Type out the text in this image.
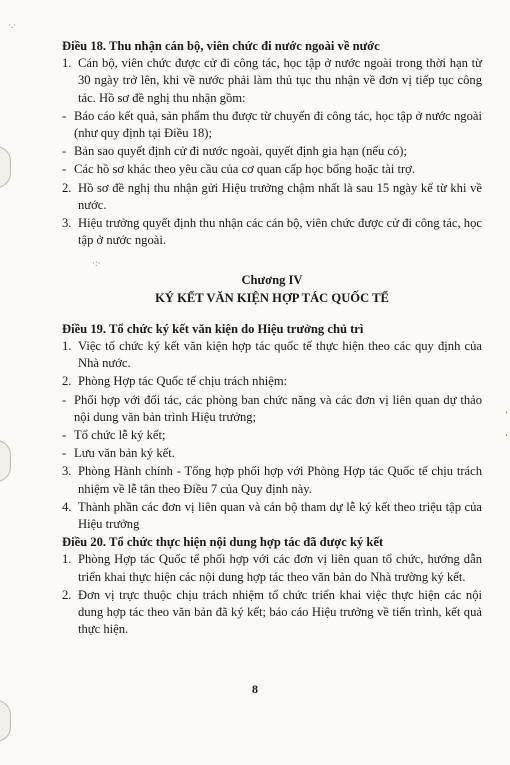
·.·
·:·
’
‘

Điều 18. Thu nhận cán bộ, viên chức đi nước ngoài về nước

1. Cán bộ, viên chức được cử đi công tác, học tập ở nước ngoài trong thời hạn từ 30 ngày trở lên, khi về nước phải làm thủ tục thu nhận về đơn vị tiếp tục công tác. Hồ sơ đề nghị thu nhận gồm:

- Báo cáo kết quả, sản phẩm thu được từ chuyến đi công tác, học tập ở nước ngoài (như quy định tại Điều 18);

- Bản sao quyết định cử đi nước ngoài, quyết định gia hạn (nếu có);

- Các hồ sơ khác theo yêu cầu của cơ quan cấp học bổng hoặc tài trợ.

2. Hồ sơ đề nghị thu nhận gửi Hiệu trưởng chậm nhất là sau 15 ngày kể từ khi về nước.

3. Hiệu trưởng quyết định thu nhận các cán bộ, viên chức được cử đi công tác, học tập ở nước ngoài.

Chương IV

KÝ KẾT VĂN KIỆN HỢP TÁC QUỐC TẾ

Điều 19. Tổ chức ký kết văn kiện do Hiệu trưởng chủ trì

1. Việc tổ chức ký kết văn kiện hợp tác quốc tế thực hiện theo các quy định của Nhà nước.

2. Phòng Hợp tác Quốc tế chịu trách nhiệm:

- Phối hợp với đối tác, các phòng ban chức năng và các đơn vị liên quan dự thảo nội dung văn bản trình Hiệu trưởng;

- Tổ chức lễ ký kết;

- Lưu văn bản ký kết.

3. Phòng Hành chính - Tổng hợp phối hợp với Phòng Hợp tác Quốc tế chịu trách nhiệm về lễ tân theo Điều 7 của Quy định này.

4. Thành phần các đơn vị liên quan và cán bộ tham dự lễ ký kết theo triệu tập của Hiệu trưởng

Điều 20. Tổ chức thực hiện nội dung hợp tác đã được ký kết

1. Phòng Hợp tác Quốc tế phối hợp với các đơn vị liên quan tổ chức, hướng dẫn triển khai thực hiện các nội dung hợp tác theo văn bản do Nhà trường ký kết.

2. Đơn vị trực thuộc chịu trách nhiệm tổ chức triển khai việc thực hiện các nội dung hợp tác theo văn bản đã ký kết; báo cáo Hiệu trưởng về tiến trình, kết quả thực hiện.

8
